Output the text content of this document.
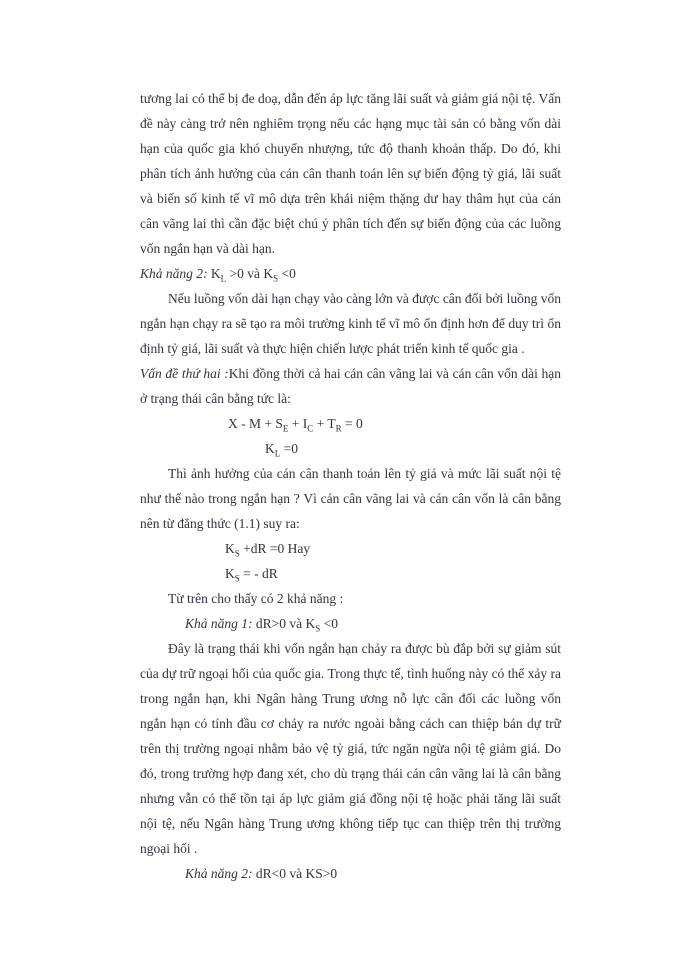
tương lai có thể bị đe doạ, dẫn đến áp lực tăng lãi suất và giảm giá nội tệ. Vấn đề này càng trở nên nghiêm trọng nếu các hạng mục tài sản có bằng vốn dài hạn của quốc gia khó chuyển nhượng, tức độ thanh khoản thấp. Do đó, khi phân tích ảnh hưởng của cán cân thanh toán lên sự biến động tỷ giá, lãi suất và biến số kinh tế vĩ mô dựa trên khái niệm thặng dư hay thâm hụt của cán cân vãng lai thì cần đặc biệt chú ý phân tích đến sự biến động của các luồng vốn ngắn hạn và dài hạn.

Khả năng 2: $K_L >0$ và $K_S <0$

Nếu luồng vốn dài hạn chạy vào càng lớn và được cân đối bởi luồng vốn ngắn hạn chạy ra sẽ tạo ra môi trường kinh tế vĩ mô ổn định hơn để duy trì ổn định tỷ giá, lãi suất và thực hiện chiến lược phát triển kinh tế quốc gia .

Vấn đề thứ hai :Khi đồng thời cả hai cán cân vãng lai và cán cân vốn dài hạn ở trạng thái cân bằng tức là:

$X - M + S_E + I_C + T_R = 0$

$K_L =0$

Thì ảnh hưởng của cán cân thanh toán lên tỷ giá và mức lãi suất nội tệ như thế nào trong ngắn hạn ? Vì cán cân vãng lai và cán cân vốn là cân bằng nên từ đẳng thức (1.1) suy ra:

$K_S +dR =0$ Hay

$K_S$ = - dR

Từ trên cho thấy có 2 khả năng :

Khả năng 1: dR>0 và $K_S <0$

Đây là trạng thái khi vốn ngắn hạn chảy ra được bù đắp bởi sự giảm sút của dự trữ ngoại hối của quốc gia. Trong thực tế, tình huống này có thể xảy ra trong ngắn hạn, khi Ngân hàng Trung ương nỗ lực cân đối các luồng vốn ngắn hạn có tính đầu cơ chảy ra nước ngoài bằng cách can thiệp bán dự trữ trên thị trường ngoại nhằm bảo vệ tỷ giá, tức ngăn ngừa nội tệ giảm giá. Do đó, trong trường hợp đang xét, cho dù trạng thái cán cân vãng lai là cân bằng nhưng vẫn có thể tồn tại áp lực giảm giá đồng nội tệ hoặc phải tăng lãi suất nội tệ, nếu Ngân hàng Trung ương không tiếp tục can thiệp trên thị trường ngoại hối .

Khả năng 2: dR<0 và KS>0
